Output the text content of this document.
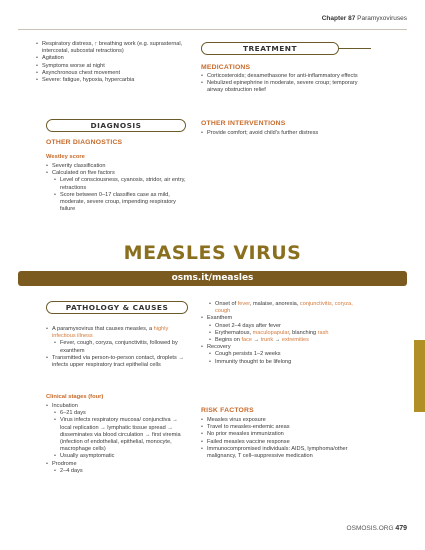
Chapter 87 Paramyxoviruses
• Respiratory distress, ↑ breathing work (e.g. suprasternal, intercostal, subcostal retractions)
• Agitation
• Symptoms worse at night
• Asynchronous chest movement
• Severe: fatigue, hypoxia, hypercarbia
DIAGNOSIS
OTHER DIAGNOSTICS
Westley score
• Severity classification
• Calculated on five factors
• Level of consciousness, cyanosis, stridor, air entry, retractions
• Score between 0–17 classifies case as mild, moderate, severe croup, impending respiratory failure
TREATMENT
MEDICATIONS
• Corticosteroids; dexamethasone for anti-inflammatory effects
• Nebulized epinephrine in moderate, severe croup; temporary airway obstruction relief
OTHER INTERVENTIONS
• Provide comfort; avoid child’s further distress
MEASLES VIRUS
osms.it/measles
PATHOLOGY & CAUSES
• A paramyxovirus that causes measles, a highly infectious illness
• Fever, cough, coryza, conjunctivitis, followed by exanthem
• Transmitted via person-to-person contact, droplets → infects upper respiratory tract epithelial cells
Clinical stages (four)
• Incubation
• 6–21 days
• Virus infects respiratory mucosa/ conjunctiva → local replication → lymphatic tissue spread → disseminates via blood circulation → first viremia (infection of endothelial, epithelial, monocyte, macrophage cells)
• Usually asymptomatic
• Prodrome
• 2–4 days
• Onset of fever, malaise, anorexia, conjunctivitis, coryza, cough
• Exanthem
• Onset 2–4 days after fever
• Erythematous, maculopapular, blanching rash
• Begins on face → trunk → extremities
• Recovery
• Cough persists 1–2 weeks
• Immunity thought to be lifelong
RISK FACTORS
• Measles virus exposure
• Travel to measles-endemic areas
• No prior measles immunization
• Failed measles vaccine response
• Immunocompromised individuals: AIDS, lymphoma/other malignancy, T cell–suppressive medication
OSMOSIS.ORG 479
